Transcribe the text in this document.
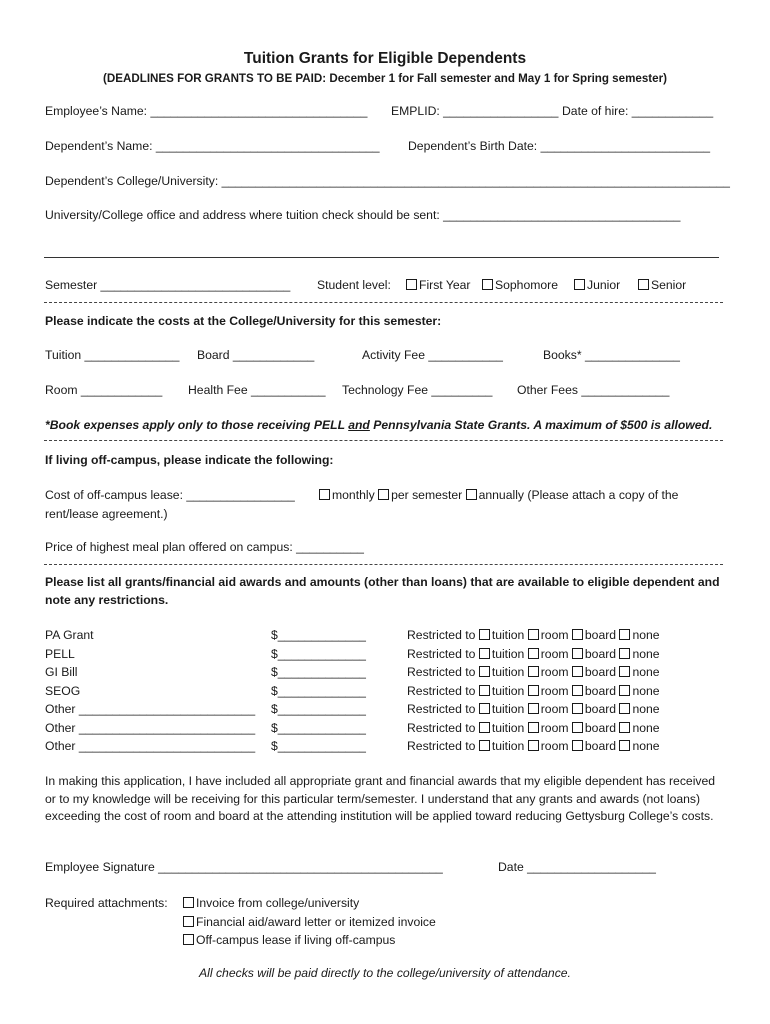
Tuition Grants for Eligible Dependents
(DEADLINES FOR GRANTS TO BE PAID: December 1 for Fall semester and May 1 for Spring semester)
Employee’s Name: ________________________________ EMPLID: _________________ Date of hire: ____________
Dependent’s Name: _________________________________ Dependent’s Birth Date: _________________________
Dependent’s College/University: ___________________________________________________________________________
University/College office and address where tuition check should be sent: ___________________________________
Semester ____________________________ Student level:	First Year	Sophomore	Junior	Senior
Please indicate the costs at the College/University for this semester:
Tuition ______________ Board ____________	Activity Fee ___________	Books* ______________
Room ____________ Health Fee ___________ Technology Fee _________ Other Fees _____________
*Book expenses apply only to those receiving PELL and Pennsylvania State Grants. A maximum of $500 is allowed.
If living off-campus, please indicate the following:
Cost of off-campus lease: ________________	monthly per semester annually (Please attach a copy of the
rent/lease agreement.)
Price of highest meal plan offered on campus: __________
Please list all grants/financial aid awards and amounts (other than loans) that are available to eligible dependent and
note any restrictions.
PA Grant	$_____________	Restricted to tuition room board none
PELL	$_____________	Restricted to tuition room board none
GI Bill	$_____________	Restricted to tuition room board none
SEOG	$_____________	Restricted to tuition room board none
Other __________________________ $_____________	Restricted to tuition room board none
Other __________________________ $_____________	Restricted to tuition room board none
Other __________________________ $_____________	Restricted to tuition room board none
In making this application, I have included all appropriate grant and financial awards that my eligible dependent has received or to my knowledge will be receiving for this particular term/semester. I understand that any grants and awards (not loans) exceeding the cost of room and board at the attending institution will be applied toward reducing Gettysburg College’s costs.
Employee Signature __________________________________________	Date ___________________
Required attachments:	Invoice from college/university
Financial aid/award letter or itemized invoice
Off-campus lease if living off-campus
All checks will be paid directly to the college/university of attendance.
